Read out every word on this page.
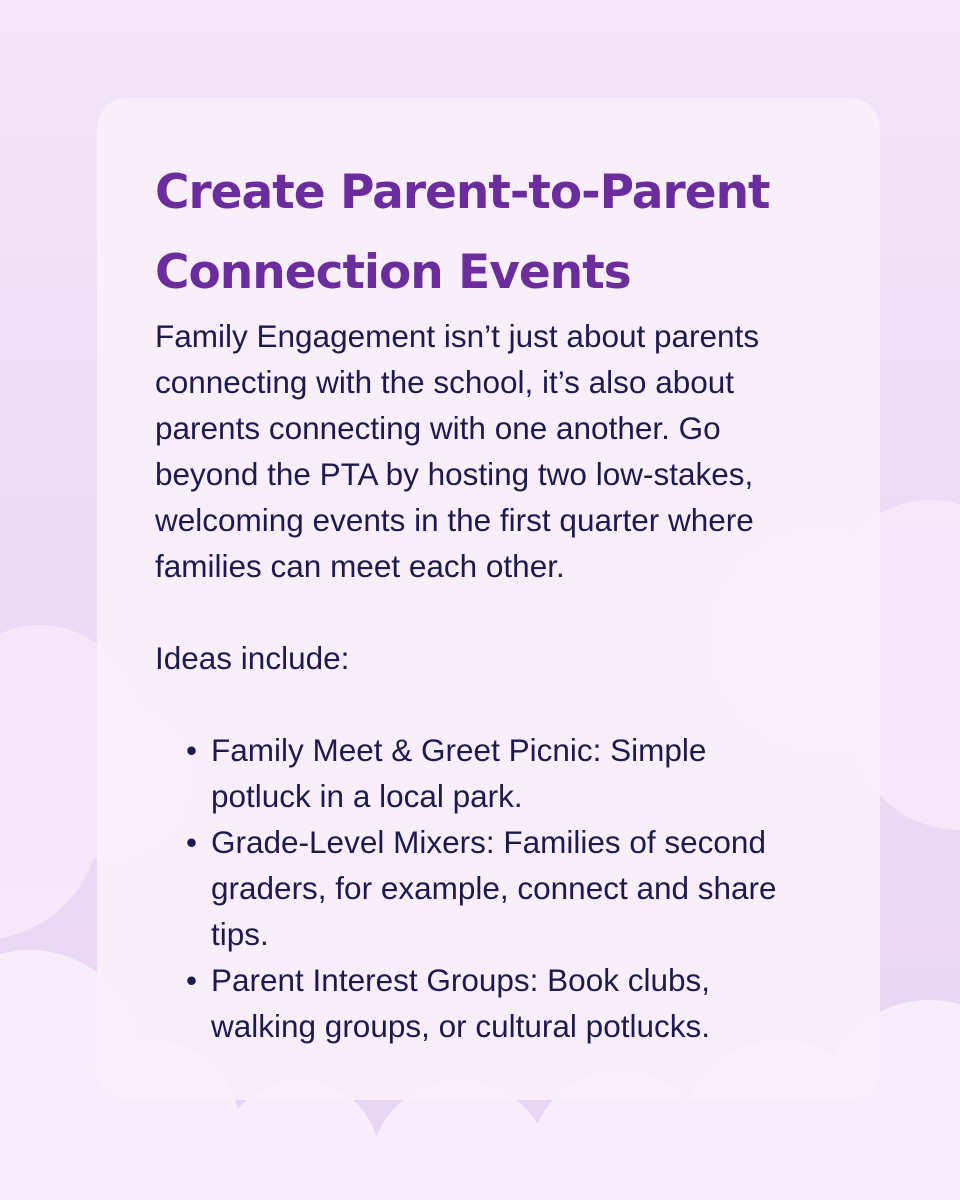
Create Parent-to-Parent
Connection Events

Family Engagement isn’t just about parents
connecting with the school, it’s also about
parents connecting with one another. Go
beyond the PTA by hosting two low-stakes,
welcoming events in the first quarter where
families can meet each other.

Ideas include:

• Family Meet & Greet Picnic: Simple
potluck in a local park.
• Grade-Level Mixers: Families of second
graders, for example, connect and share
tips.
• Parent Interest Groups: Book clubs,
walking groups, or cultural potlucks.
